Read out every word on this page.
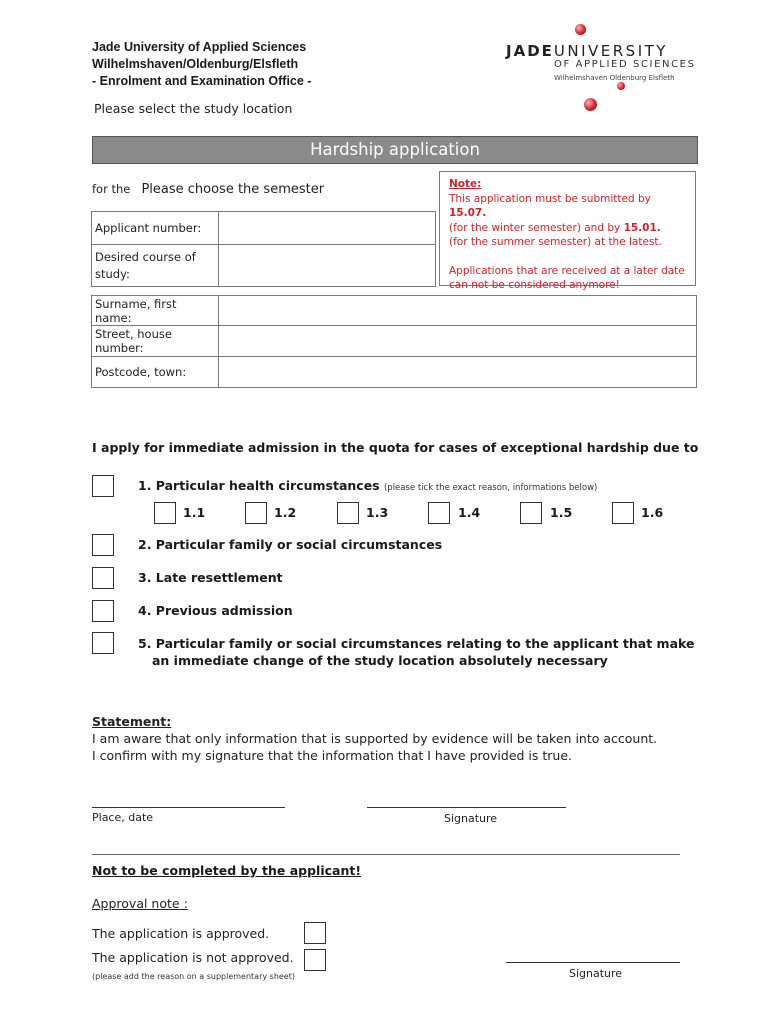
Jade University of Applied Sciences
Wilhelmshaven/Oldenburg/Elsfleth
- Enrolment and Examination Office -
Please select the study location
JADEUNIVERSITY
OF APPLIED SCIENCES
Wilhelmshaven Oldenburg Elsfleth
Hardship application
for the Please choose the semester
Applicant number:	
Desired course of
study:	
Note:
This application must be submitted by 15.07.
(for the winter semester) and by 15.01.
(for the summer semester) at the latest.
Applications that are received at a later date
can not be considered anymore!
Surname, first name:	
Street, house number:	
Postcode, town:	
I apply for immediate admission in the quota for cases of exceptional hardship due to
1. Particular health circumstances (please tick the exact reason, informations below)
1.1	1.2	1.3	1.4	1.5	1.6
2. Particular family or social circumstances
3. Late resettlement
4. Previous admission
5. Particular family or social circumstances relating to the applicant that make
an immediate change of the study location absolutely necessary
Statement:
I am aware that only information that is supported by evidence will be taken into account.
I confirm with my signature that the information that I have provided is true.
Place, date	Signature
Not to be completed by the applicant!
Approval note :
The application is approved.
The application is not approved.
(please add the reason on a supplementary sheet)	Signature
